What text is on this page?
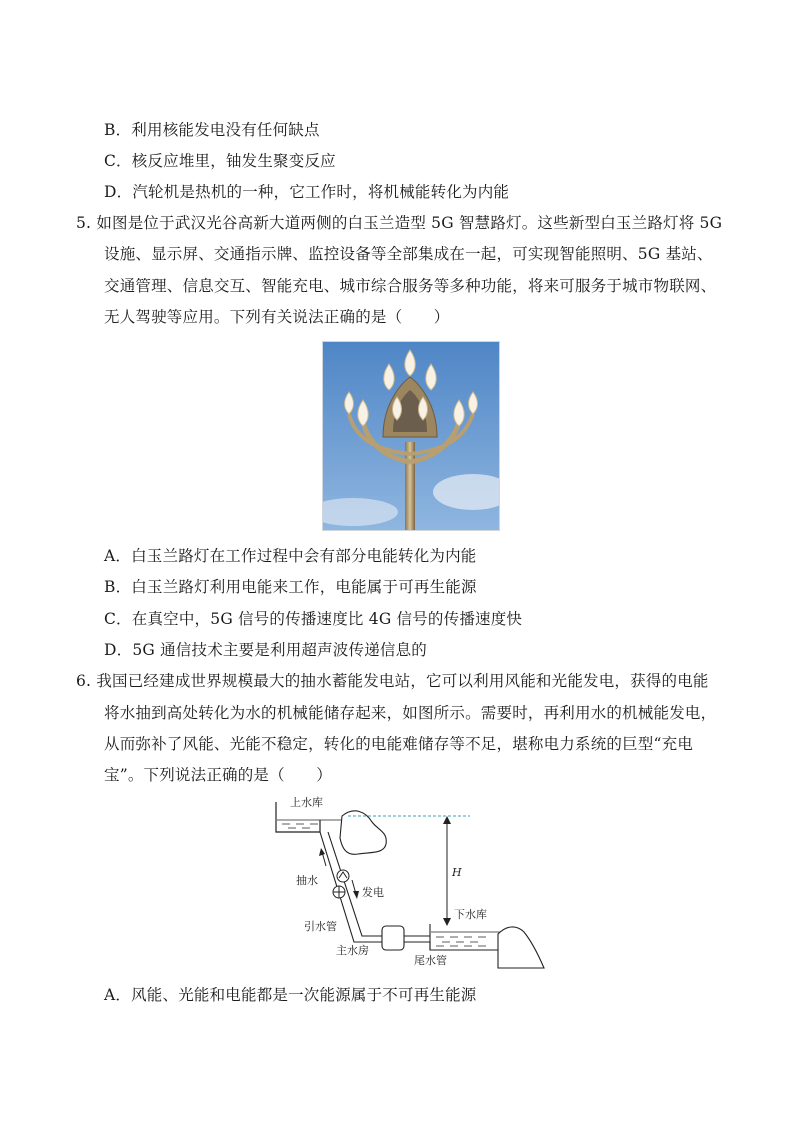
B．利用核能发电没有任何缺点
C．核反应堆里，铀发生聚变反应
D．汽轮机是热机的一种，它工作时，将机械能转化为内能
5. 如图是位于武汉光谷高新大道两侧的白玉兰造型 5G 智慧路灯。这些新型白玉兰路灯将 5G
设施、显示屏、交通指示牌、监控设备等全部集成在一起，可实现智能照明、5G 基站、
交通管理、信息交互、智能充电、城市综合服务等多种功能，将来可服务于城市物联网、
无人驾驶等应用。下列有关说法正确的是（　　）
A．白玉兰路灯在工作过程中会有部分电能转化为内能
B．白玉兰路灯利用电能来工作，电能属于可再生能源
C．在真空中，5G 信号的传播速度比 4G 信号的传播速度快
D．5G 通信技术主要是利用超声波传递信息的
6. 我国已经建成世界规模最大的抽水蓄能发电站，它可以利用风能和光能发电，获得的电能
将水抽到高处转化为水的机械能储存起来，如图所示。需要时，再利用水的机械能发电，
从而弥补了风能、光能不稳定，转化的电能难储存等不足，堪称电力系统的巨型“充电
宝”。下列说法正确的是（　　）
上水库
H
抽水
发电
引水管
主水房
尾水管
下水库
A．风能、光能和电能都是一次能源属于不可再生能源
